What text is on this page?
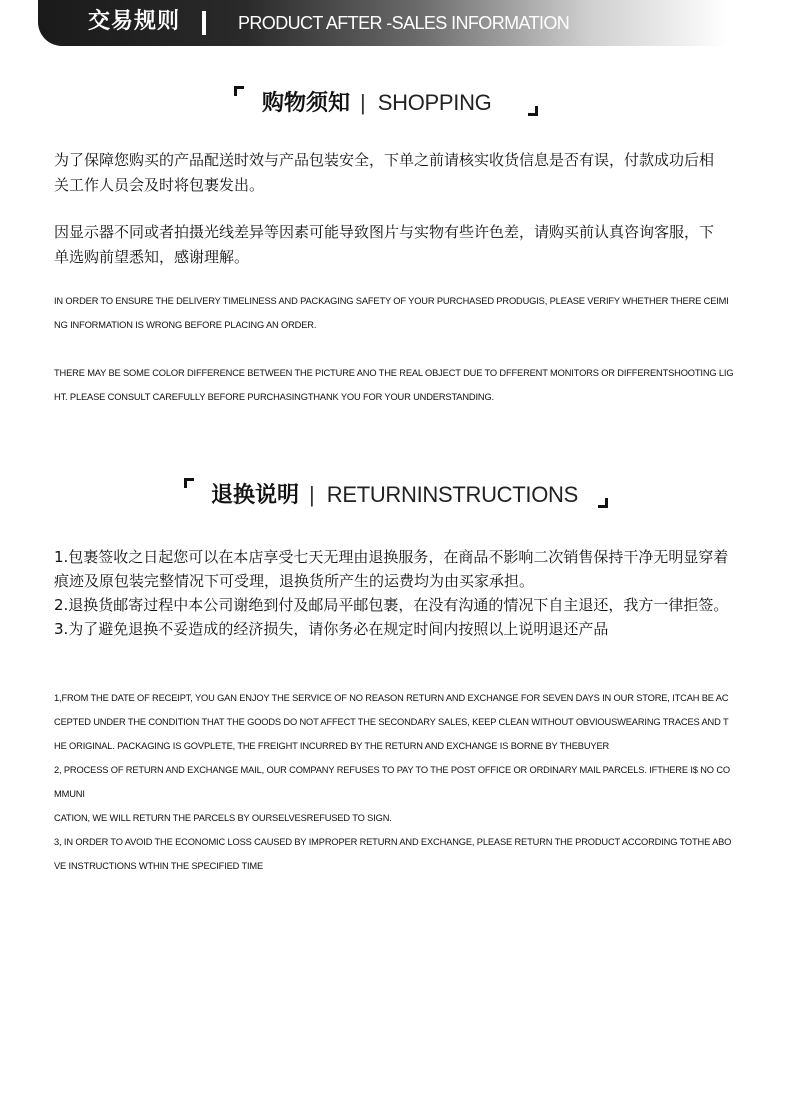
交易规则	PRODUCT AFTER -SALES INFORMATION
购物须知 | SHOPPING

为了保障您购买的产品配送时效与产品包装安全，下单之前请核实收货信息是否有误，付款成功后相关工作人员会及时将包裹发出。

因显示器不同或者拍摄光线差异等因素可能导致图片与实物有些许色差，请购买前认真咨询客服，下单选购前望悉知，感谢理解。

IN ORDER TO ENSURE THE DELIVERY TIMELINESS AND PACKAGING SAFETY OF YOUR PURCHASED PRODUGIS, PLEASE VERIFY WHETHER THERE CEIMING INFORMATION IS WRONG BEFORE PLACING AN ORDER.

THERE MAY BE SOME COLOR DIFFERENCE BETWEEN THE PICTURE ANO THE REAL OBJECT DUE TO DFFERENT MONITORS OR DIFFERENTSHOOTING LIGHT. PLEASE CONSULT CAREFULLY BEFORE PURCHASINGTHANK YOU FOR YOUR UNDERSTANDING.

退换说明 | RETURNINSTRUCTIONS

1.包裹签收之日起您可以在本店享受七天无理由退换服务，在商品不影响二次销售保持干净无明显穿着痕迹及原包装完整情况下可受理，退换货所产生的运费均为由买家承担。

2.退换货邮寄过程中本公司谢绝到付及邮局平邮包裹，在没有沟通的情况下自主退还，我方一律拒签。

3.为了避免退换不妥造成的经济损失，请你务必在规定时间内按照以上说明退还产品

1,FROM THE DATE OF RECEIPT, YOU GAN ENJOY THE SERVICE OF NO REASON RETURN AND EXCHANGE FOR SEVEN DAYS IN OUR STORE, ITCAH BE ACCEPTED UNDER THE CONDITION THAT THE GOODS DO NOT AFFECT THE SECONDARY SALES, KEEP CLEAN WITHOUT OBVIOUSWEARING TRACES AND THE ORIGINAL. PACKAGING IS GOVPLETE, THE FREIGHT INCURRED BY THE RETURN AND EXCHANGE IS BORNE BY THEBUYER

2, PROCESS OF RETURN AND EXCHANGE MAIL, OUR COMPANY REFUSES TO PAY TO THE POST OFFICE OR ORDINARY MAIL PARCELS. IFTHERE I$ NO COMMUNI

CATION, WE WILL RETURN THE PARCELS BY OURSELVESREFUSED TO SIGN.

3, IN ORDER TO AVOID THE ECONOMIC LOSS CAUSED BY IMPROPER RETURN AND EXCHANGE, PLEASE RETURN THE PRODUCT ACCORDING TOTHE ABOVE INSTRUCTIONS WTHIN THE SPECIFIED TIME
